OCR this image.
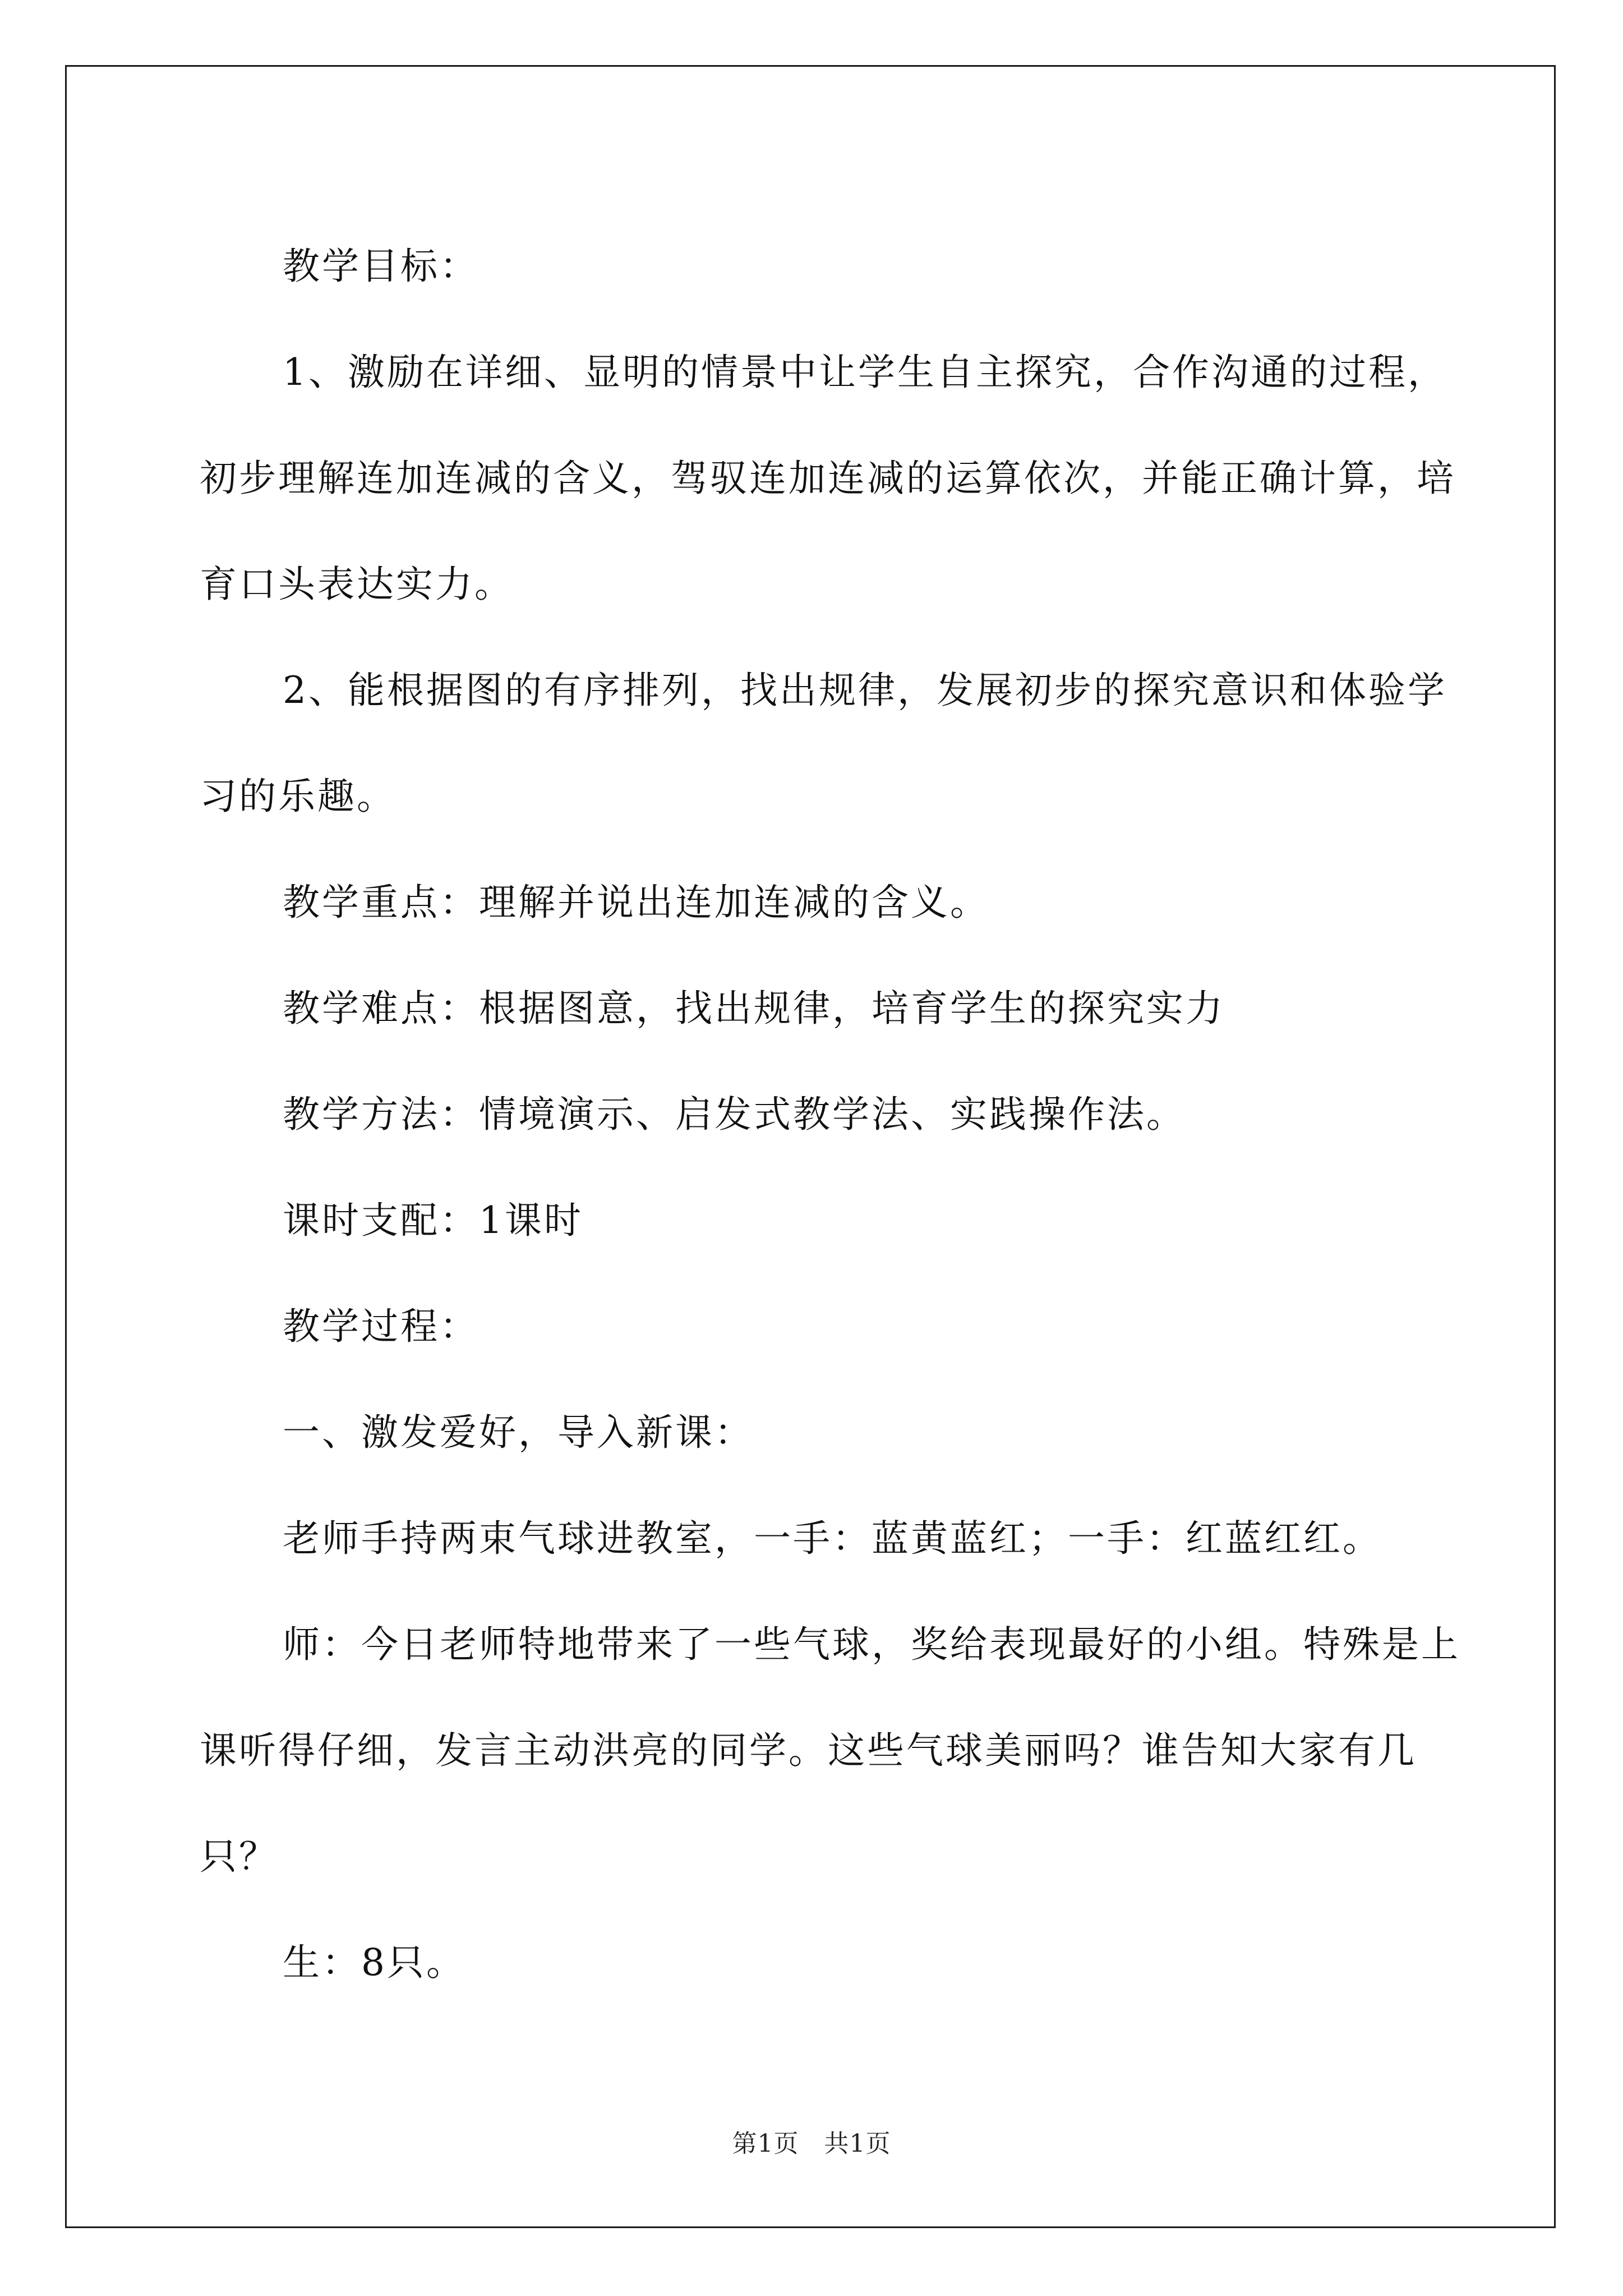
教学目标：

1、激励在详细、显明的情景中让学生自主探究，合作沟通的过程，初步理解连加连减的含义，驾驭连加连减的运算依次，并能正确计算，培育口头表达实力。

2、能根据图的有序排列，找出规律，发展初步的探究意识和体验学习的乐趣。

教学重点：理解并说出连加连减的含义。

教学难点：根据图意，找出规律，培育学生的探究实力

教学方法：情境演示、启发式教学法、实践操作法。

课时支配：1课时

教学过程：

一、激发爱好，导入新课：

老师手持两束气球进教室，一手：蓝黄蓝红；一手：红蓝红红。

师：今日老师特地带来了一些气球，奖给表现最好的小组。特殊是上课听得仔细，发言主动洪亮的同学。这些气球美丽吗？谁告知大家有几只？

生：8只。

第1页　共1页
